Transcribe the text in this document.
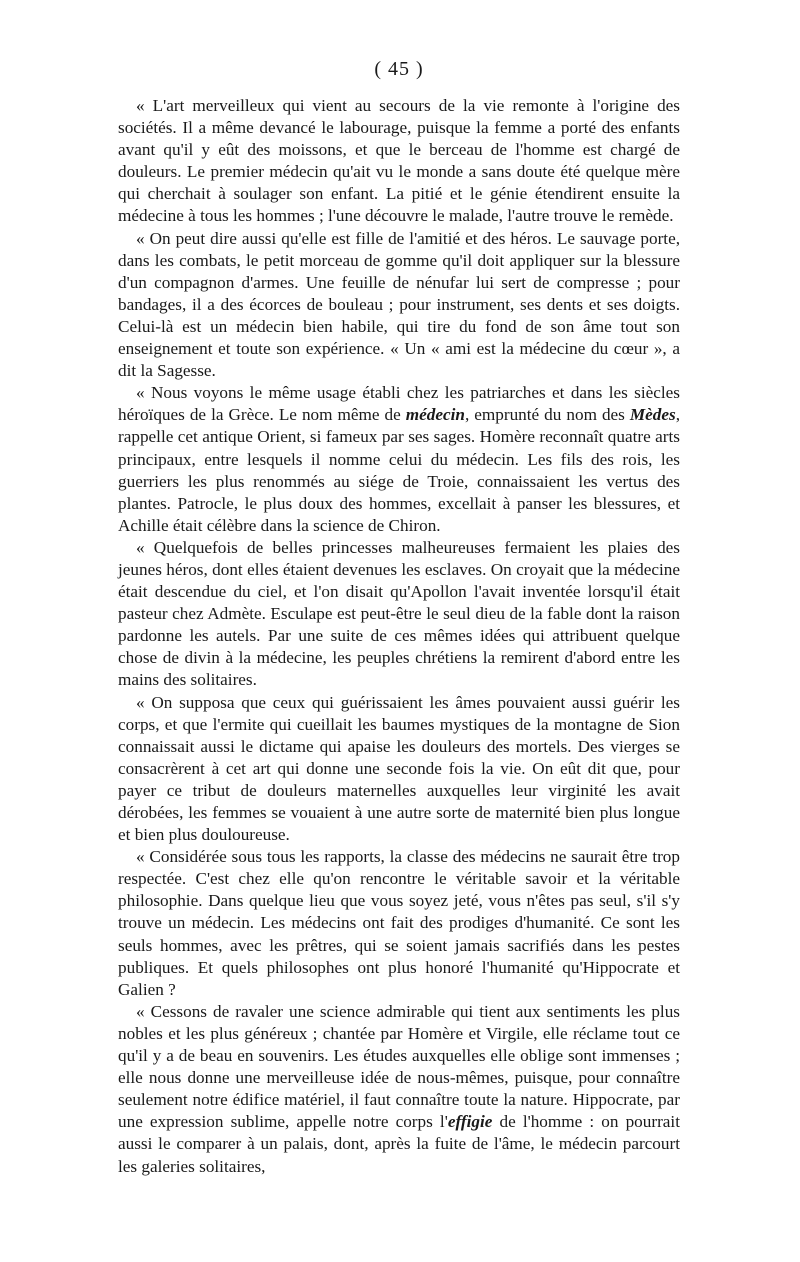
( 45 )

« L'art merveilleux qui vient au secours de la vie remonte à l'origine des sociétés. Il a même devancé le labourage, puisque la femme a porté des enfants avant qu'il y eût des moissons, et que le berceau de l'homme est chargé de douleurs. Le premier médecin qu'ait vu le monde a sans doute été quelque mère qui cherchait à soulager son enfant. La pitié et le génie étendirent ensuite la médecine à tous les hommes ; l'une découvre le malade, l'autre trouve le remède.

« On peut dire aussi qu'elle est fille de l'amitié et des héros. Le sauvage porte, dans les combats, le petit morceau de gomme qu'il doit appliquer sur la blessure d'un compagnon d'armes. Une feuille de nénufar lui sert de compresse ; pour bandages, il a des écorces de bouleau ; pour instrument, ses dents et ses doigts. Celui-là est un médecin bien habile, qui tire du fond de son âme tout son enseignement et toute son expérience. « Un « ami est la médecine du cœur », a dit la Sagesse.

« Nous voyons le même usage établi chez les patriarches et dans les siècles héroïques de la Grèce. Le nom même de médecin, emprunté du nom des Mèdes, rappelle cet antique Orient, si fameux par ses sages. Homère reconnaît quatre arts principaux, entre lesquels il nomme celui du médecin. Les fils des rois, les guerriers les plus renommés au siége de Troie, connaissaient les vertus des plantes. Patrocle, le plus doux des hommes, excellait à panser les blessures, et Achille était célèbre dans la science de Chiron.

« Quelquefois de belles princesses malheureuses fermaient les plaies des jeunes héros, dont elles étaient devenues les esclaves. On croyait que la médecine était descendue du ciel, et l'on disait qu'Apollon l'avait inventée lorsqu'il était pasteur chez Admète. Esculape est peut-être le seul dieu de la fable dont la raison pardonne les autels. Par une suite de ces mêmes idées qui attribuent quelque chose de divin à la médecine, les peuples chrétiens la remirent d'abord entre les mains des solitaires.

« On supposa que ceux qui guérissaient les âmes pouvaient aussi guérir les corps, et que l'ermite qui cueillait les baumes mystiques de la montagne de Sion connaissait aussi le dictame qui apaise les douleurs des mortels. Des vierges se consacrèrent à cet art qui donne une seconde fois la vie. On eût dit que, pour payer ce tribut de douleurs maternelles auxquelles leur virginité les avait dérobées, les femmes se vouaient à une autre sorte de maternité bien plus longue et bien plus douloureuse.

« Considérée sous tous les rapports, la classe des médecins ne saurait être trop respectée. C'est chez elle qu'on rencontre le véritable savoir et la véritable philosophie. Dans quelque lieu que vous soyez jeté, vous n'êtes pas seul, s'il s'y trouve un médecin. Les médecins ont fait des prodiges d'humanité. Ce sont les seuls hommes, avec les prêtres, qui se soient jamais sacrifiés dans les pestes publiques. Et quels philosophes ont plus honoré l'humanité qu'Hippocrate et Galien ?

« Cessons de ravaler une science admirable qui tient aux sentiments les plus nobles et les plus généreux ; chantée par Homère et Virgile, elle réclame tout ce qu'il y a de beau en souvenirs. Les études auxquelles elle oblige sont immenses ; elle nous donne une merveilleuse idée de nous-mêmes, puisque, pour connaître seulement notre édifice matériel, il faut connaître toute la nature. Hippocrate, par une expression sublime, appelle notre corps l'effigie de l'homme : on pourrait aussi le comparer à un palais, dont, après la fuite de l'âme, le médecin parcourt les galeries solitaires,
